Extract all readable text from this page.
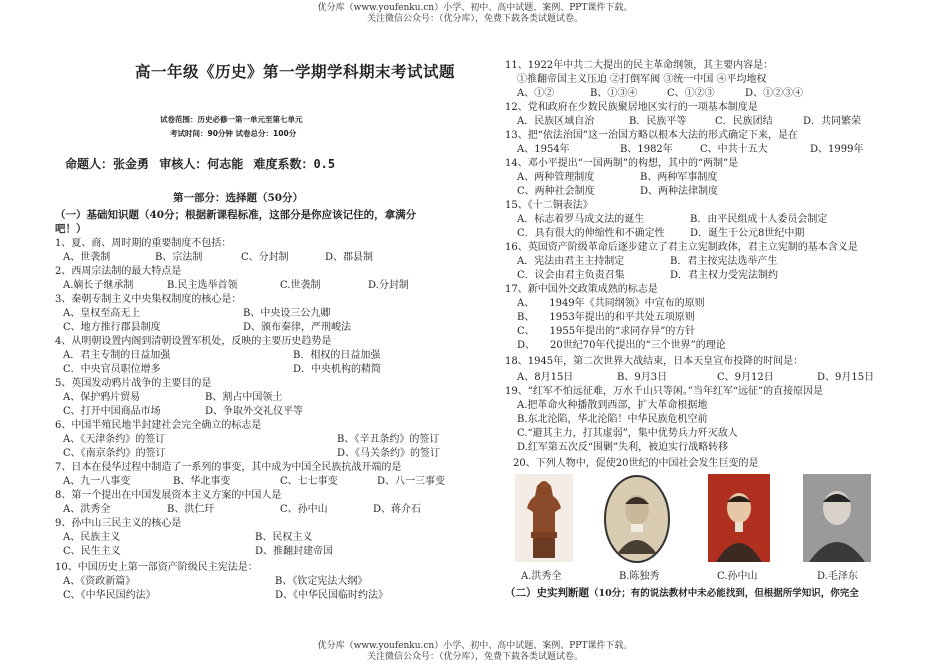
优分库（www.youfenku.cn）小学、初中、高中试题、案例、PPT课件下载。
关注微信公众号：（优分库），免费下载各类试题试卷。
高一年级《历史》第一学期学科期末考试试题
试卷范围：历史必修一第一单元至第七单元
考试时间：90分钟 试卷总分：100分
命题人：张金勇 审核人：何志能 难度系数：0.5
第一部分：选择题（50分）
（一）基础知识题（40分；根据新课程标准，这部分是你应该记住的，拿满分
吧！）
1、夏、商、周时期的重要制度不包括：
A、世袭制	B、宗法制	C、分封制	D、郡县制
2、西周宗法制的最大特点是
A.嫡长子继承制	B.民主选举首领	C.世袭制	D.分封制
3、秦朝专制主义中央集权制度的核心是：
A、皇权至高无上	B、中央设三公九卿
C、地方推行郡县制度	D、颁布秦律，严刑峻法
4、从明朝设置内阁到清朝设置军机处，反映的主要历史趋势是
A．君主专制的日益加强	B．相权的日益加强
C．中央官员职位增多	D．中央机构的精简
5、英国发动鸦片战争的主要目的是
A、保护鸦片贸易	B、割占中国领土
C、打开中国商品市场	D、争取外交礼仪平等
6、中国半殖民地半封建社会完全确立的标志是
A、《天津条约》的签订	B、《辛丑条约》的签订
C、《南京条约》的签订	D、《马关条约》的签订
7、日本在侵华过程中制造了一系列的事变，其中成为中国全民族抗战开端的是
A、九一八事变	B、华北事变	C、七七事变	D、八一三事变
8、第一个提出在中国发展资本主义方案的中国人是
A、洪秀全	B、洪仁玕	C、孙中山	D、蒋介石
9、孙中山三民主义的核心是
A、民族主义	B、民权主义
C、民生主义	D、推翻封建帝国
10、中国历史上第一部资产阶级民主宪法是：
A、《资政新篇》	B、《钦定宪法大纲》
C、《中华民国约法》	D、《中华民国临时约法》
11、1922年中共二大提出的民主革命纲领，其主要内容是：
①推翻帝国主义压迫 ②打倒军阀 ③统一中国 ④平均地权
A、①②	B、①③④	C、①②③	D、①②③④
12、党和政府在少数民族聚居地区实行的一项基本制度是
A．民族区域自治	B．民族平等	C．民族团结	D．共同繁荣
13、把“依法治国”这一治国方略以根本大法的形式确定下来，是在
A、1954年	B、1982年	C、中共十五大	D、1999年
14、邓小平提出“一国两制”的构想，其中的“两制”是
A、两种管理制度	B、两种军事制度
C、两种社会制度	D、两种法律制度
15、《十二铜表法》
A．标志着罗马成文法的诞生	B．由平民组成十人委员会制定
C．具有很大的伸缩性和不确定性	D．诞生于公元8世纪中期
16、英国资产阶级革命后逐步建立了君主立宪制政体，君主立宪制的基本含义是
A．宪法由君主主持制定	B．君主按宪法选举产生
C．议会由君主负责召集	D．君主权力受宪法制约
17、新中国外交政策成熟的标志是
A、　　1949年《共同纲领》中宣布的原则
B、　　1953年提出的和平共处五项原则
C、　　1955年提出的“求同存异”的方针
D、　　20世纪70年代提出的“三个世界”的理论
18、1945年，第二次世界大战结束，日本天皇宣布投降的时间是：
A、8月15日	B、9月3日	C、9月12日	D、9月15日
19、“红军不怕远征难，万水千山只等闲。”当年红军“远征”的直接原因是
A.把革命火种播散到西部，扩大革命根据地
B.东北沦陷，华北沦陷！中华民族危机空前
C.“避其主力，打其虚弱”，集中优势兵力歼灭敌人
D.红军第五次反“围剿”失利，被迫实行战略转移
20、下列人物中，促使20世纪的中国社会发生巨变的是
A.洪秀全	B.陈独秀	C.孙中山	D.毛泽东
（二）史实判断题（10分；有的说法教材中未必能找到，但根据所学知识，你完全
优分库（www.youfenku.cn）小学、初中、高中试题、案例、PPT课件下载。
关注微信公众号：（优分库），免费下载各类试题试卷。
